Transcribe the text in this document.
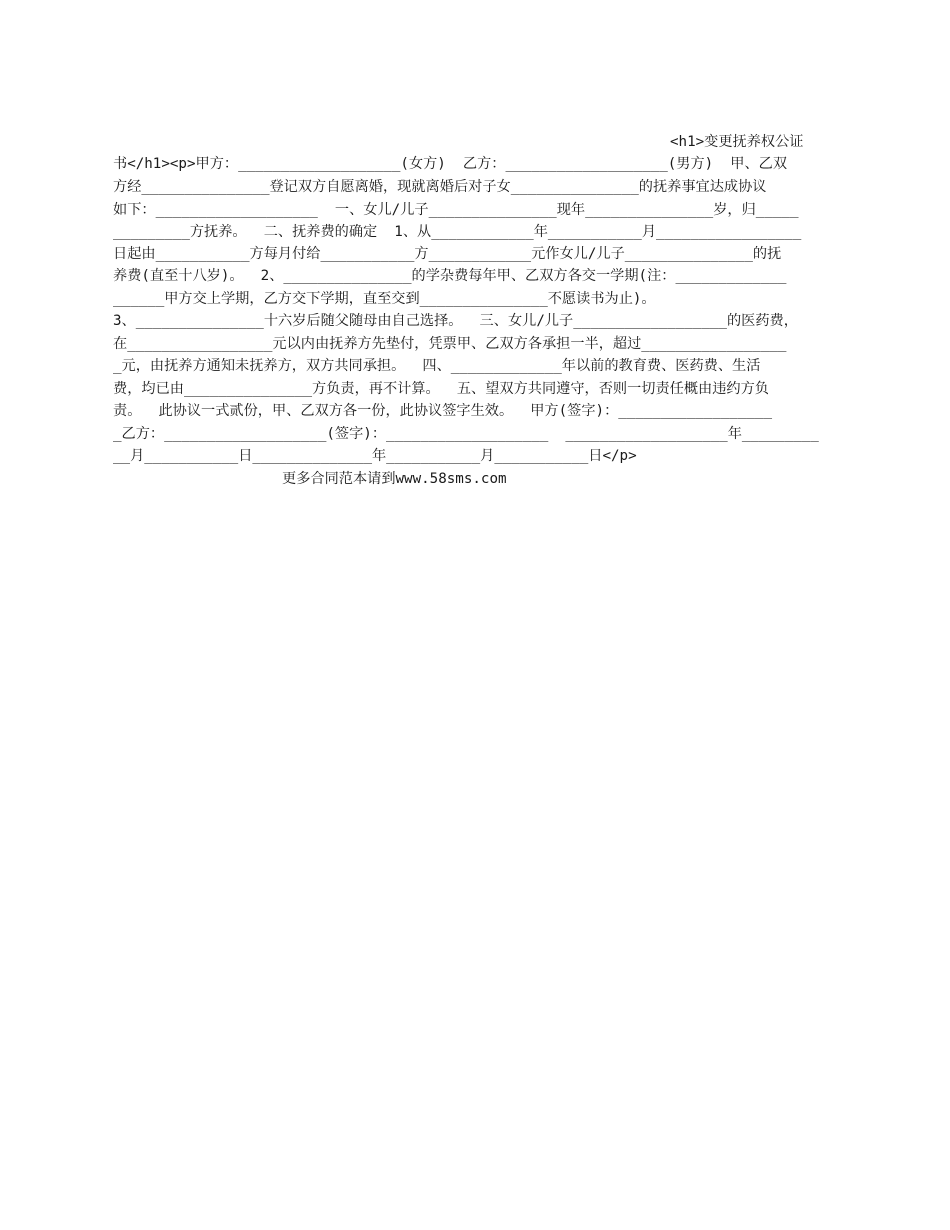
<h1>变更抚养权公证
书</h1><p>甲方：___________________(女方)  乙方：___________________(男方)  甲、乙双
方经_______________登记双方自愿离婚，现就离婚后对子女_______________的抚养事宜达成协议
如下：___________________  一、女儿/儿子_______________现年_______________岁，归_____
_________方抚养。  二、抚养费的确定  1、从____________年___________月_________________
日起由___________方每月付给___________方____________元作女儿/儿子_______________的抚
养费(直至十八岁)。  2、_______________的学杂费每年甲、乙双方各交一学期(注：_____________
______甲方交上学期，乙方交下学期，直至交到_______________不愿读书为止)。
3、_______________十六岁后随父随母由自己选择。  三、女儿/儿子__________________的医药费，
在_________________元以内由抚养方先垫付，凭票甲、乙双方各承担一半，超过_________________
_元，由抚养方通知未抚养方，双方共同承担。  四、_____________年以前的教育费、医药费、生活
费，均已由_______________方负责，再不计算。  五、望双方共同遵守，否则一切责任概由违约方负
责。  此协议一式贰份，甲、乙双方各一份，此协议签字生效。  甲方(签字)：__________________
_乙方：___________________(签字)：___________________  ___________________年_________
__月___________日______________年___________月___________日</p>
更多合同范本请到www.58sms.com
